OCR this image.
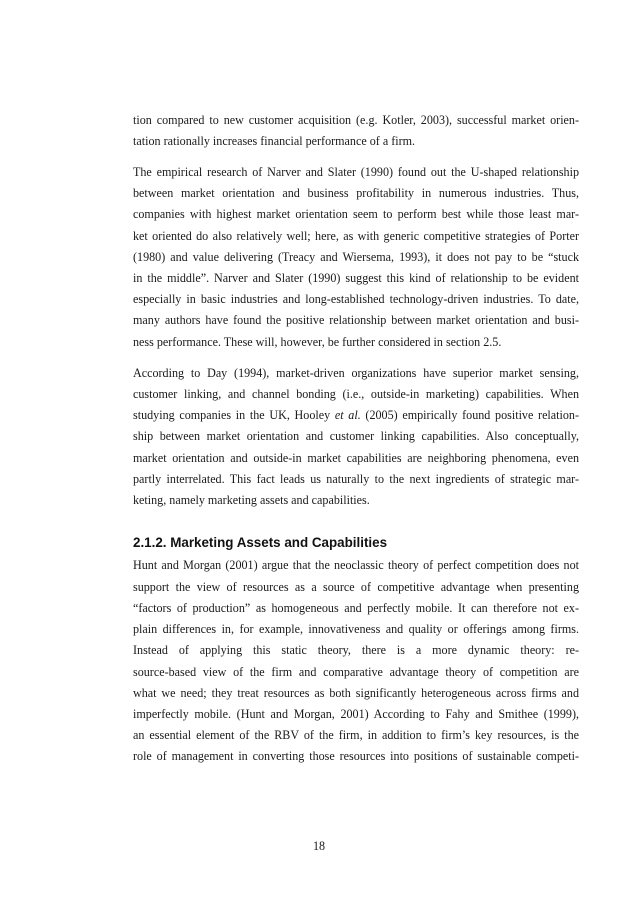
tion compared to new customer acquisition (e.g. Kotler, 2003), successful market orien-
tation rationally increases financial performance of a firm.
The empirical research of Narver and Slater (1990) found out the U-shaped relationship
between market orientation and business profitability in numerous industries. Thus,
companies with highest market orientation seem to perform best while those least mar-
ket oriented do also relatively well; here, as with generic competitive strategies of Porter
(1980) and value delivering (Treacy and Wiersema, 1993), it does not pay to be “stuck
in the middle”. Narver and Slater (1990) suggest this kind of relationship to be evident
especially in basic industries and long-established technology-driven industries. To date,
many authors have found the positive relationship between market orientation and busi-
ness performance. These will, however, be further considered in section 2.5.
According to Day (1994), market-driven organizations have superior market sensing,
customer linking, and channel bonding (i.e., outside-in marketing) capabilities. When
studying companies in the UK, Hooley et al. (2005) empirically found positive relation-
ship between market orientation and customer linking capabilities. Also conceptually,
market orientation and outside-in market capabilities are neighboring phenomena, even
partly interrelated. This fact leads us naturally to the next ingredients of strategic mar-
keting, namely marketing assets and capabilities.
2.1.2. Marketing Assets and Capabilities
Hunt and Morgan (2001) argue that the neoclassic theory of perfect competition does not
support the view of resources as a source of competitive advantage when presenting
“factors of production” as homogeneous and perfectly mobile. It can therefore not ex-
plain differences in, for example, innovativeness and quality or offerings among firms.
Instead of applying this static theory, there is a more dynamic theory: re-
source-based view of the firm and comparative advantage theory of competition are
what we need; they treat resources as both significantly heterogeneous across firms and
imperfectly mobile. (Hunt and Morgan, 2001) According to Fahy and Smithee (1999),
an essential element of the RBV of the firm, in addition to firm’s key resources, is the
role of management in converting those resources into positions of sustainable competi-
18
